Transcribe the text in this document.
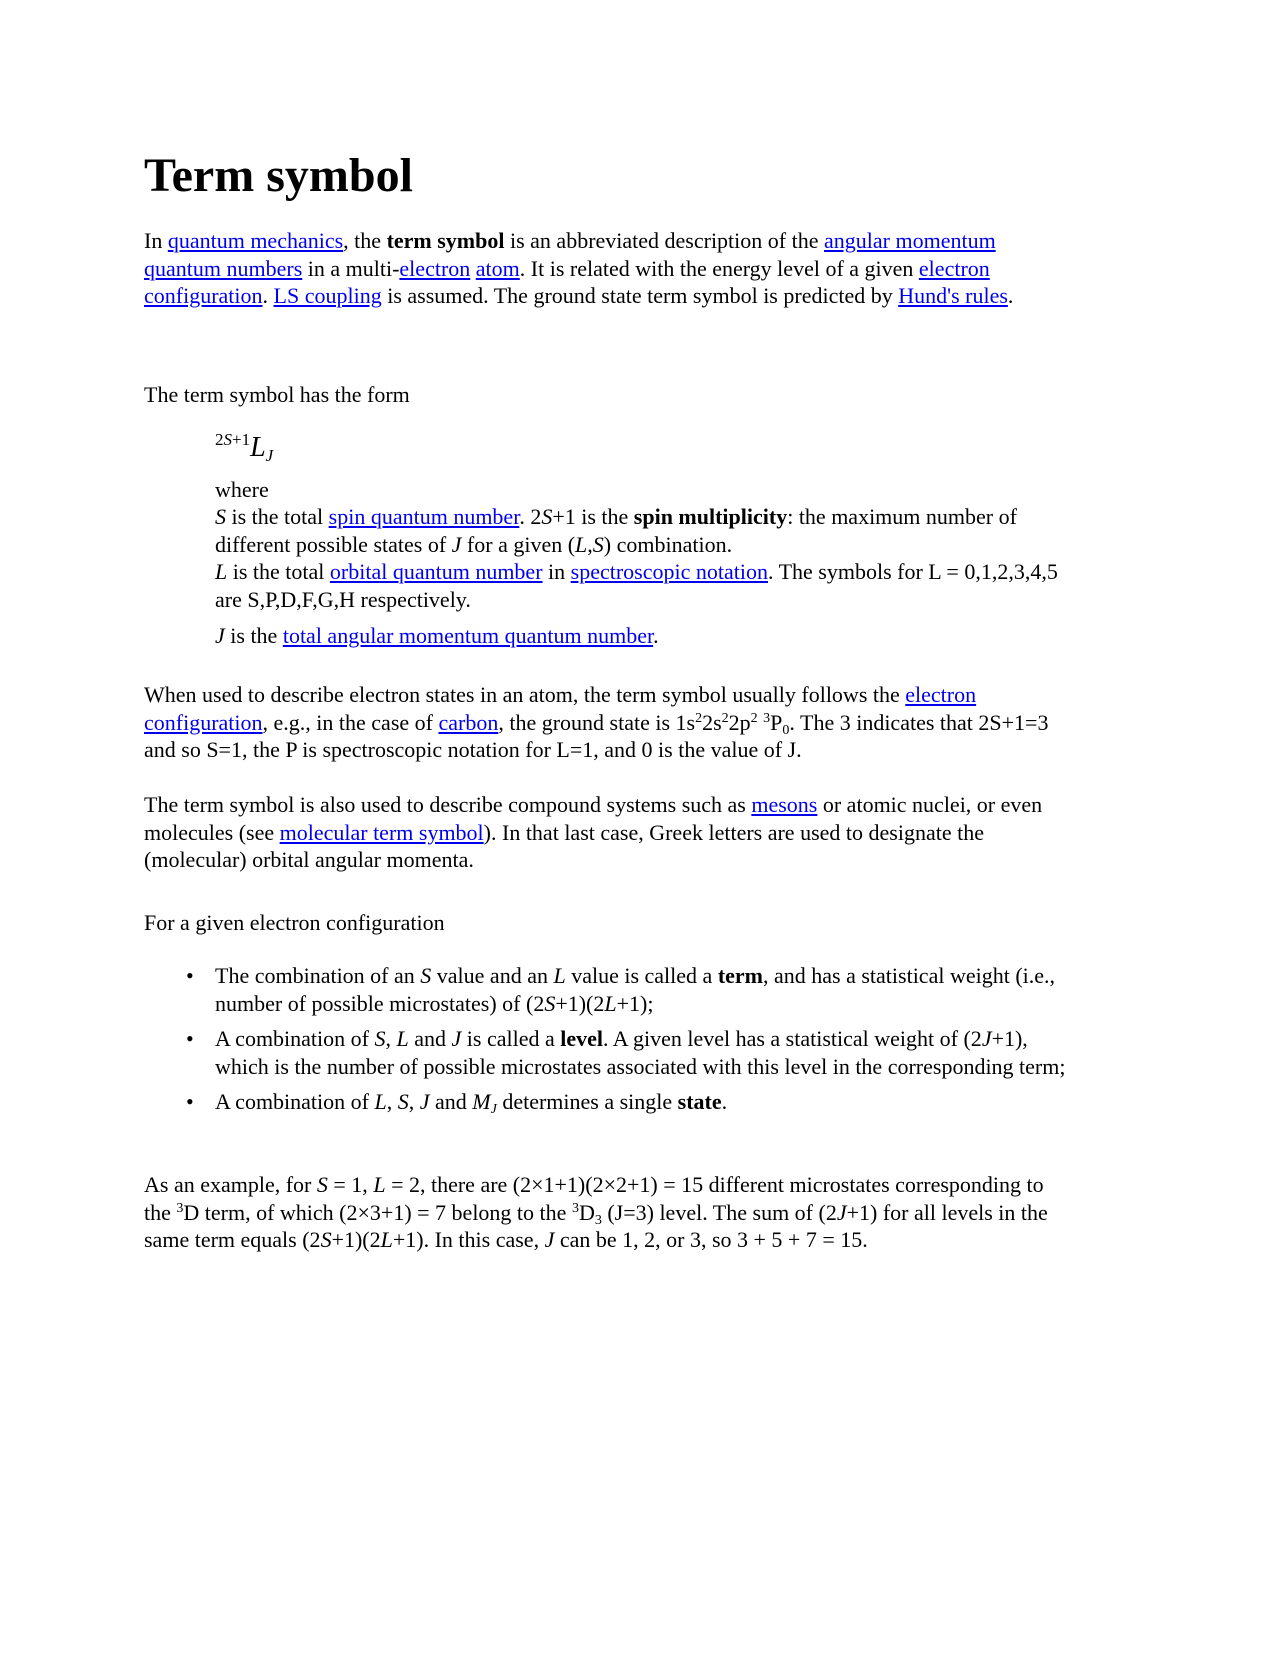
Term symbol

In quantum mechanics, the term symbol is an abbreviated description of the angular momentum quantum numbers in a multi-electron atom. It is related with the energy level of a given electron configuration. LS coupling is assumed. The ground state term symbol is predicted by Hund's rules.

The term symbol has the form

$^{2S+1}$LJ

where

S is the total spin quantum number. 2S+1 is the spin multiplicity: the maximum number of different possible states of J for a given (L,S) combination.

L is the total orbital quantum number in spectroscopic notation. The symbols for L = 0,1,2,3,4,5 are S,P,D,F,G,H respectively.

J is the total angular momentum quantum number.

When used to describe electron states in an atom, the term symbol usually follows the electron configuration, e.g., in the case of carbon, the ground state is $1s^22s^22p^2$ $^3$P0. The 3 indicates that 2S+1=3 and so S=1, the P is spectroscopic notation for L=1, and 0 is the value of J.

The term symbol is also used to describe compound systems such as mesons or atomic nuclei, or even molecules (see molecular term symbol). In that last case, Greek letters are used to designate the (molecular) orbital angular momenta.

For a given electron configuration

• The combination of an S value and an L value is called a term, and has a statistical weight (i.e., number of possible microstates) of (2S+1)(2L+1);
• A combination of S, L and J is called a level. A given level has a statistical weight of (2J+1), which is the number of possible microstates associated with this level in the corresponding term;
• A combination of L, S, J and MJ determines a single state.

As an example, for S = 1, L = 2, there are (2×1+1)(2×2+1) = 15 different microstates corresponding to the $^3$D term, of which (2×3+1) = 7 belong to the $^3$D3 (J=3) level. The sum of (2J+1) for all levels in the same term equals (2S+1)(2L+1). In this case, J can be 1, 2, or 3, so 3 + 5 + 7 = 15.
